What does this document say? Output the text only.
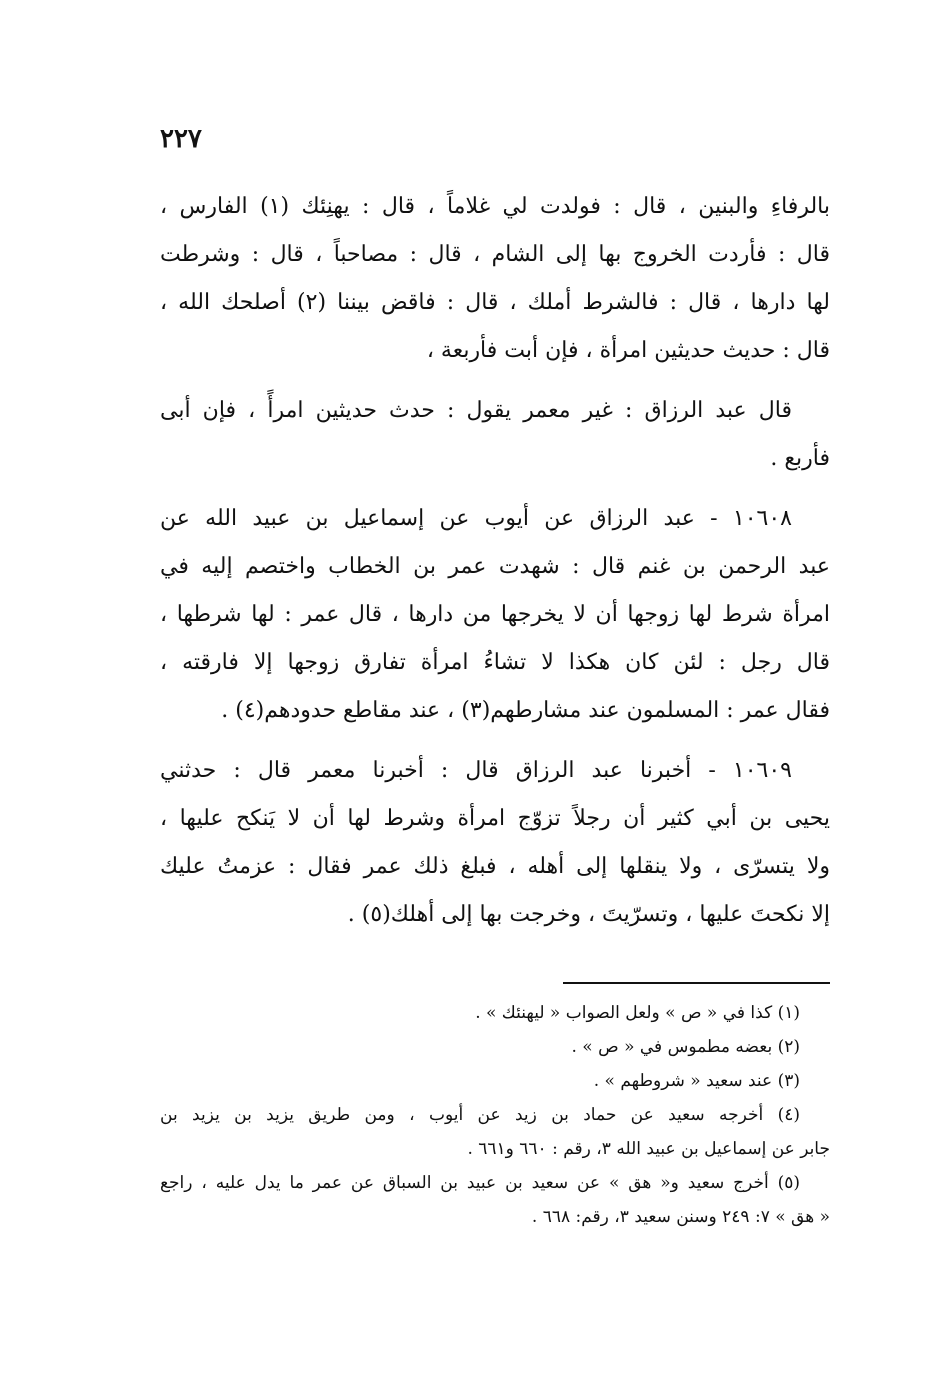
٢٢٧
بالرفاءِ والبنين ، قال : فولدت لي غلاماً ، قال : يهنِئك (١) الفارس ،
قال : فأردت الخروج بها إلى الشام ، قال : مصاحباً ، قال : وشرطت
لها دارها ، قال : فالشرط أملك ، قال : فاقض بيننا (٢) أصلحك الله ،
قال : حديث حديثين امرأة ، فإن أبت فأربعة ،
قال عبد الرزاق : غير معمر يقول : حدث حديثين امرأً ، فإن أبى
فأربع .
١٠٦٠٨ - عبد الرزاق عن أيوب عن إسماعيل بن عبيد الله عن
عبد الرحمن بن غنم قال : شهدت عمر بن الخطاب واختصم إليه في
امرأة شرط لها زوجها أن لا يخرجها من دارها ، قال عمر : لها شرطها ،
قال رجل : لئن كان هكذا لا تشاءُ امرأة تفارق زوجها إلا فارقته ،
فقال عمر : المسلمون عند مشارطهم(٣) ، عند مقاطع حدودهم(٤) .
١٠٦٠٩ - أخبرنا عبد الرزاق قال : أخبرنا معمر قال : حدثني
يحيى بن أبي كثير أن رجلاً تزوّج امرأة وشرط لها أن لا يَنكح عليها ،
ولا يتسرّى ، ولا ينقلها إلى أهله ، فبلغ ذلك عمر فقال : عزمتُ عليك
إلا نكحتَ عليها ، وتسرّيتَ ، وخرجت بها إلى أهلك(٥) .
(١) كذا في « ص » ولعل الصواب « ليهنئك » .
(٢) بعضه مطموس في « ص » .
(٣) عند سعيد « شروطهم » .
(٤) أخرجه سعيد عن حماد بن زيد عن أيوب ، ومن طريق يزيد بن يزيد بن
جابر عن إسماعيل بن عبيد الله ٣، رقم : ٦٦٠ و٦٦١ .
(٥) أخرج سعيد و« هق » عن سعيد بن عبيد بن السباق عن عمر ما يدل عليه ، راجع
« هق » ٧: ٢٤٩ وسنن سعيد ٣، رقم: ٦٦٨ .
